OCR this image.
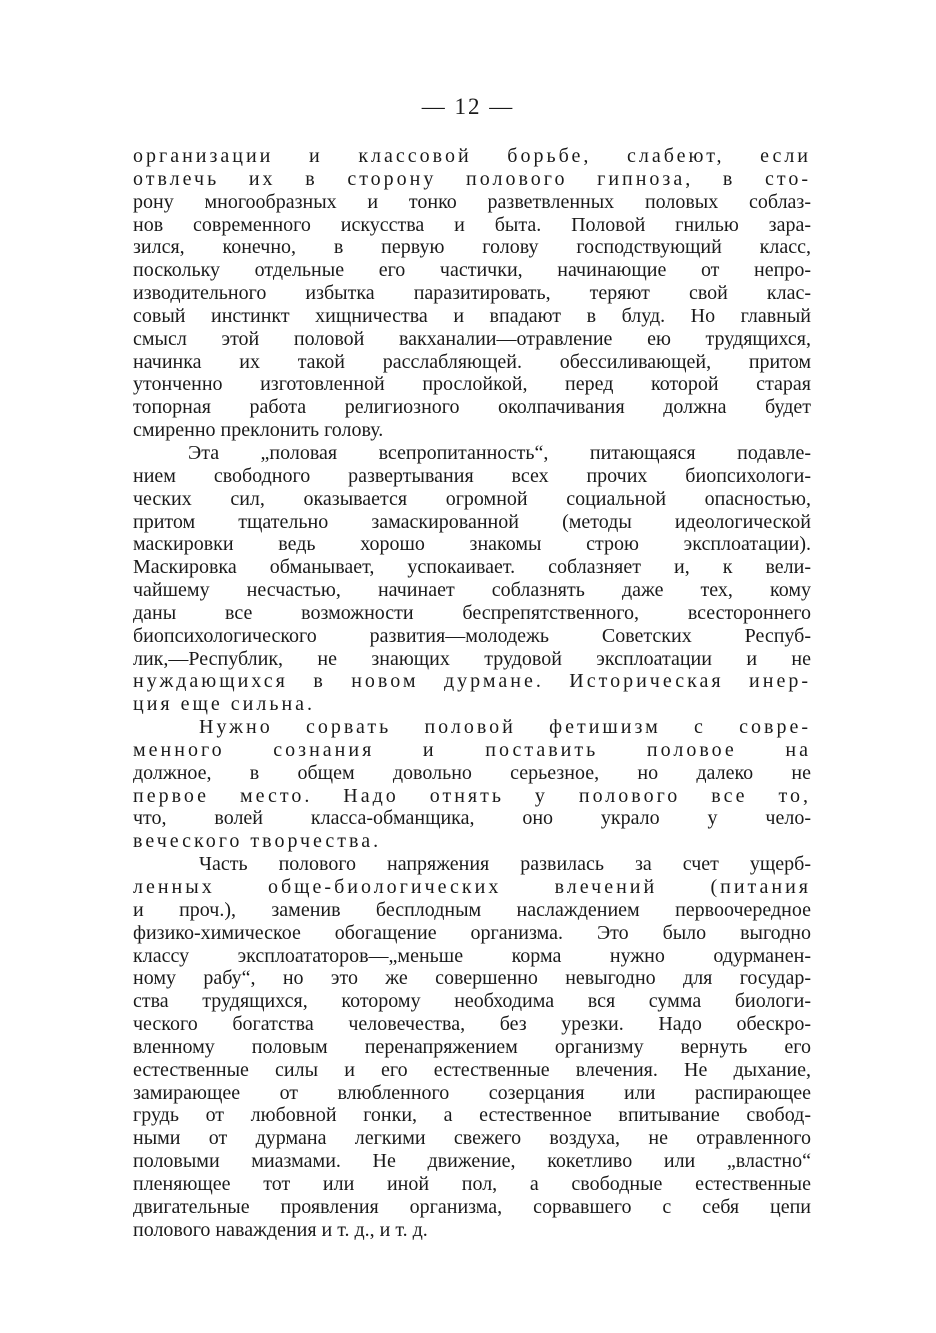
— 12 —
организации и классовой борьбе, слабеют, если
отвлечь их в сторону полового гипноза, в сто-
рону многообразных и тонко разветвленных половых соблаз-
нов современного искусства и быта. Половой гнилью зара-
зился, конечно, в первую голову господствующий класс,
поскольку отдельные его частички, начинающие от непро-
изводительного избытка паразитировать, теряют свой клас-
совый инстинкт хищничества и впадают в блуд. Но главный
смысл этой половой вакханалии—отравление ею трудящихся,
начинка их такой расслабляющей. обессиливающей, притом
утонченно изготовленной прослойкой, перед которой старая
топорная работа религиозного околпачивания должна будет
смиренно преклонить голову.
Эта „половая всепропитанность“, питающаяся подавле-
нием свободного развертывания всех прочих биопсихологи-
ческих сил, оказывается огромной социальной опасностью,
притом тщательно замаскированной (методы идеологической
маскировки ведь хорошо знакомы строю эксплоатации).
Маскировка обманывает, успокаивает. соблазняет и, к вели-
чайшему несчастью, начинает соблазнять даже тех, кому
даны все возможности беспрепятственного, всестороннего
биопсихологического развития—молодежь Советских Респуб-
лик,—Республик, не знающих трудовой эксплоатации и не
нуждающихся в новом дурмане. Историческая инер-
ция еще сильна.
Нужно сорвать половой фетишизм с совре-
менного сознания и поставить половое на
должное, в общем довольно серьезное, но далеко не
первое место. Надо отнять у полового все то,
что, волей класса-обманщика, оно украло у чело-
веческого творчества.
Часть полового напряжения развилась за счет ущерб-
ленных обще-биологических влечений (питания
и проч.), заменив бесплодным наслаждением первоочередное
физико-химическое обогащение организма. Это было выгодно
классу эксплоататоров—„меньше корма нужно одурманен-
ному рабу“, но это же совершенно невыгодно для государ-
ства трудящихся, которому необходима вся сумма биологи-
ческого богатства человечества, без урезки. Надо обескро-
вленному половым перенапряжением организму вернуть его
естественные силы и его естественные влечения. Не дыхание,
замирающее от влюбленного созерцания или распирающее
грудь от любовной гонки, а естественное впитывание свобод-
ными от дурмана легкими свежего воздуха, не отравленного
половыми миазмами. Не движение, кокетливо или „властно“
пленяющее тот или иной пол, а свободные естественные
двигательные проявления организма, сорвавшего с себя цепи
полового наваждения и т. д., и т. д.
